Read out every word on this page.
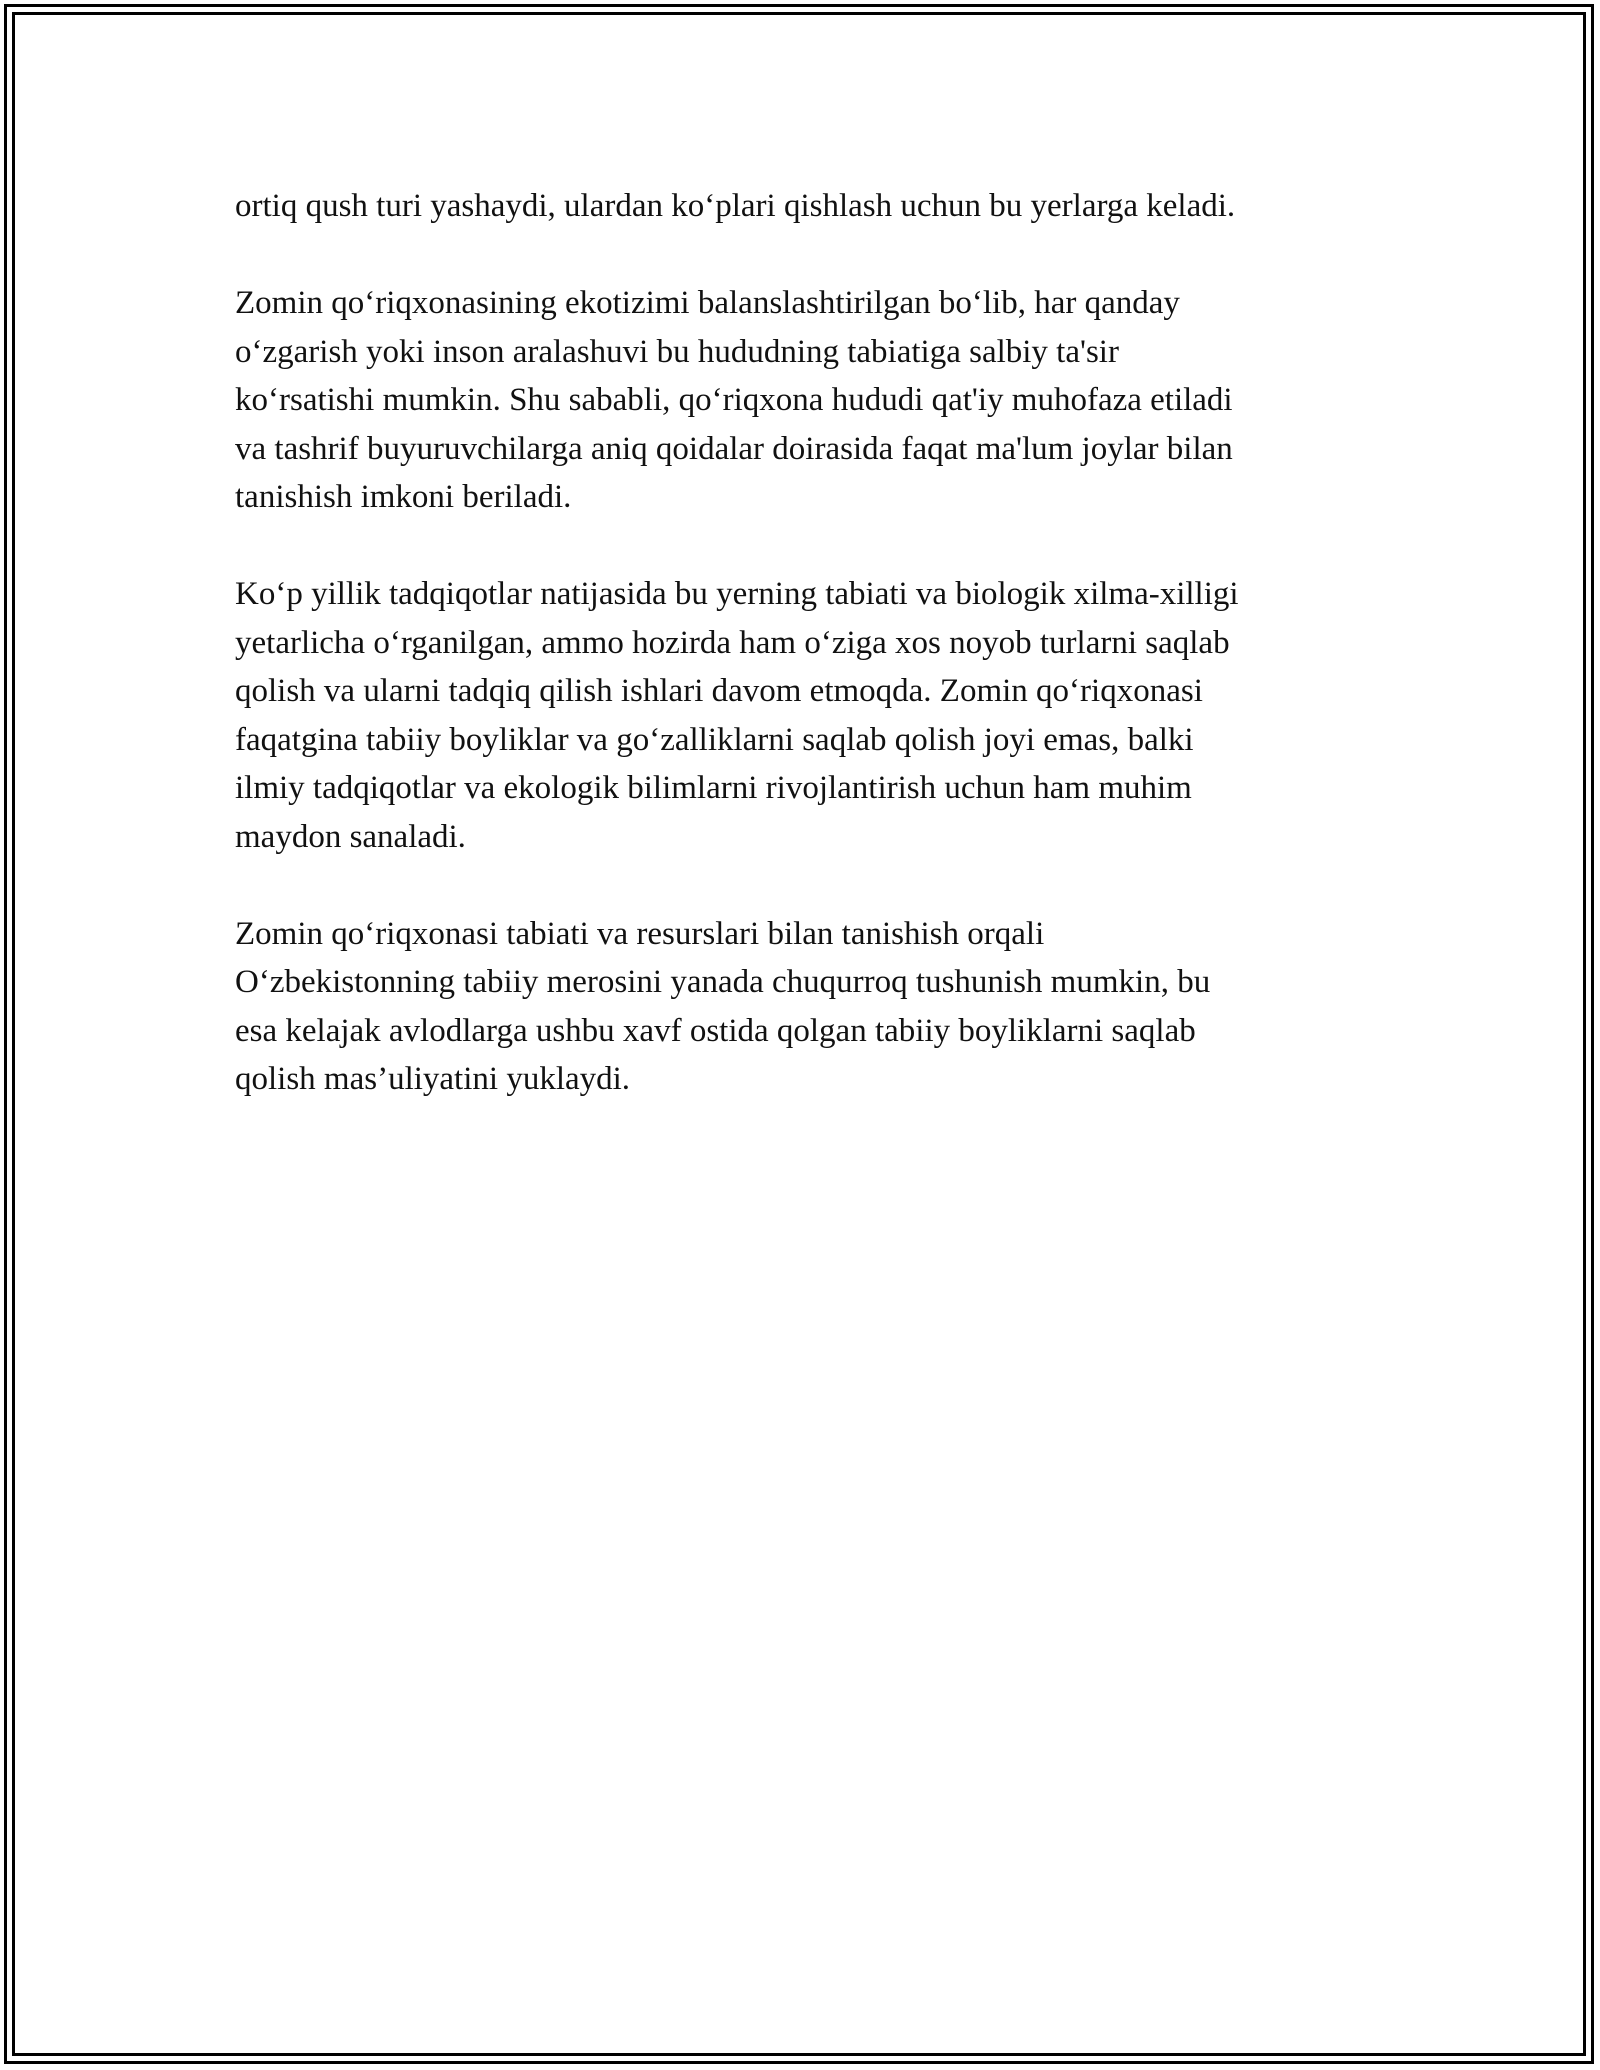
ortiq qush turi yashaydi, ulardan ko‘plari qishlash uchun bu yerlarga keladi.

Zomin qo‘riqxonasining ekotizimi balanslashtirilgan bo‘lib, har qanday
o‘zgarish yoki inson aralashuvi bu hududning tabiatiga salbiy ta'sir
ko‘rsatishi mumkin. Shu sababli, qo‘riqxona hududi qat'iy muhofaza etiladi
va tashrif buyuruvchilarga aniq qoidalar doirasida faqat ma'lum joylar bilan
tanishish imkoni beriladi.

Ko‘p yillik tadqiqotlar natijasida bu yerning tabiati va biologik xilma-xilligi
yetarlicha o‘rganilgan, ammo hozirda ham o‘ziga xos noyob turlarni saqlab
qolish va ularni tadqiq qilish ishlari davom etmoqda. Zomin qo‘riqxonasi
faqatgina tabiiy boyliklar va go‘zalliklarni saqlab qolish joyi emas, balki
ilmiy tadqiqotlar va ekologik bilimlarni rivojlantirish uchun ham muhim
maydon sanaladi.

Zomin qo‘riqxonasi tabiati va resurslari bilan tanishish orqali
O‘zbekistonning tabiiy merosini yanada chuqurroq tushunish mumkin, bu
esa kelajak avlodlarga ushbu xavf ostida qolgan tabiiy boyliklarni saqlab
qolish mas’uliyatini yuklaydi.
